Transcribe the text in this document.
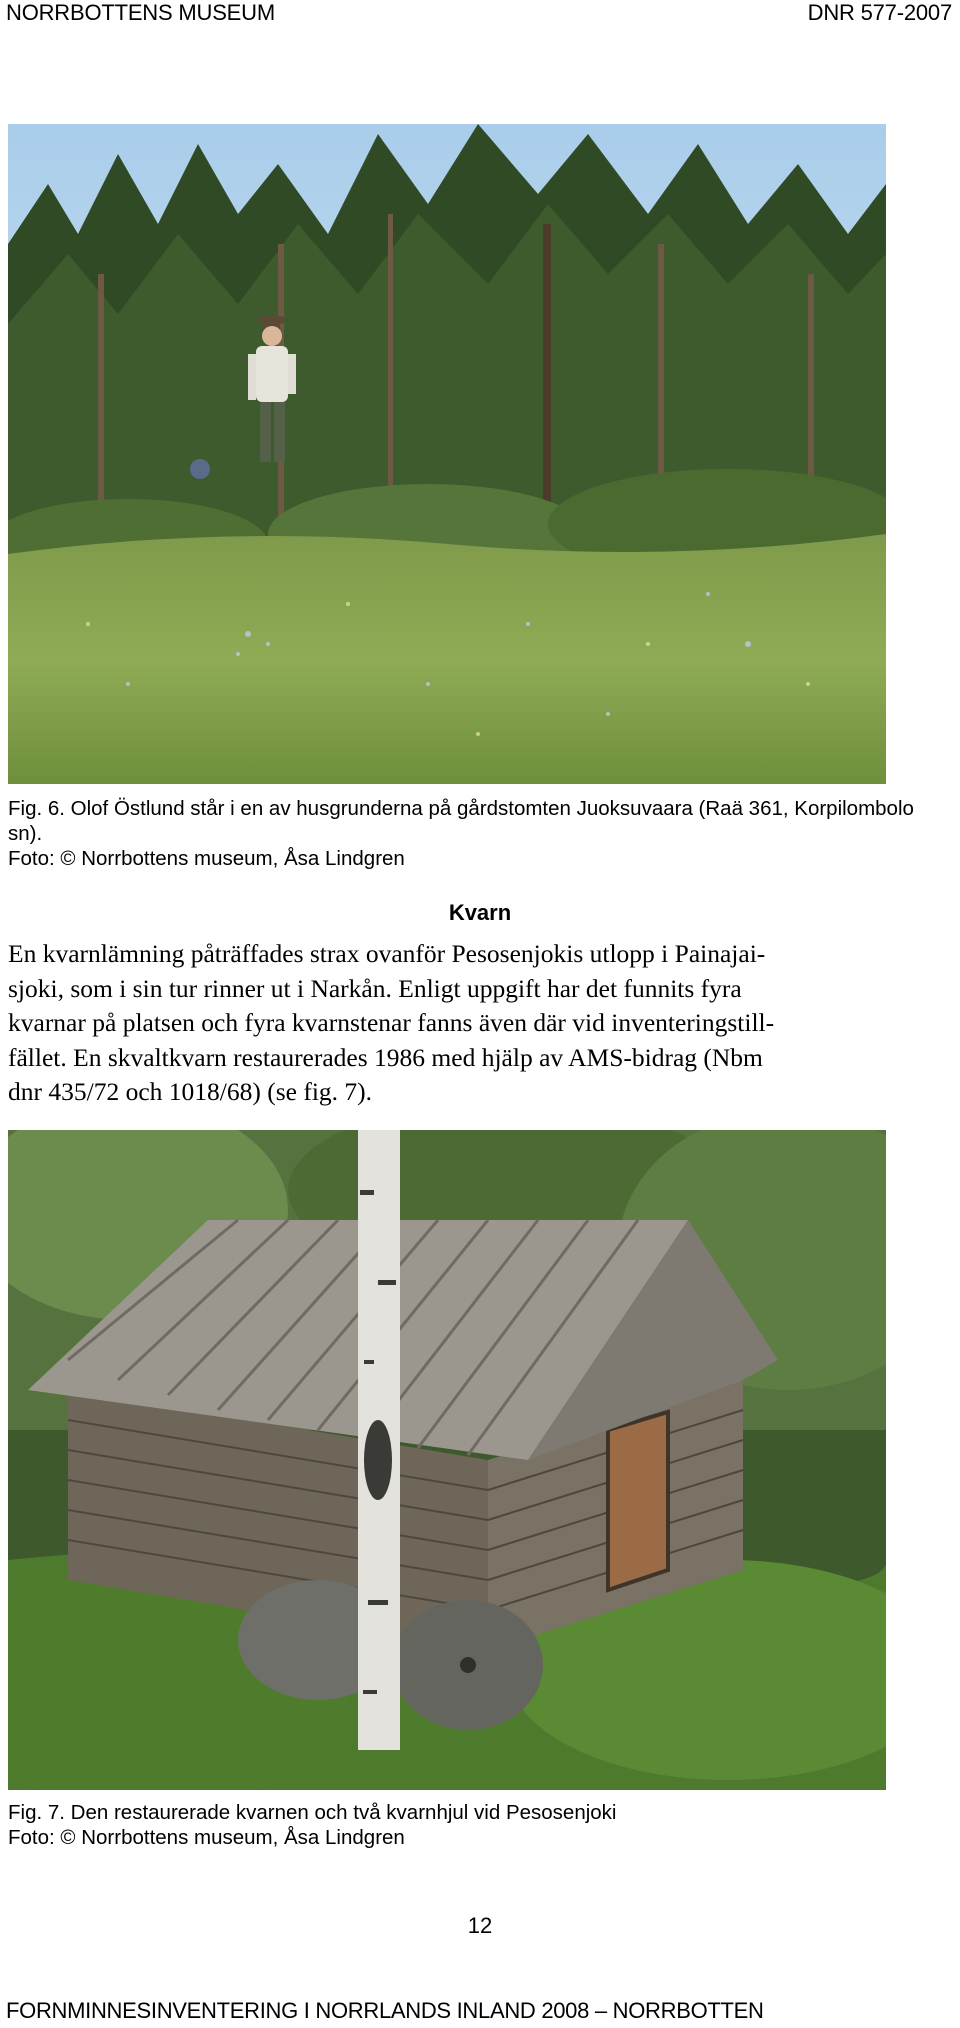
NORRBOTTENS MUSEUM	DNR 577-2007
Fig. 6. Olof Östlund står i en av husgrunderna på gårdstomten Juoksuvaara (Raä 361, Korpilombolo
sn).
Foto: © Norrbottens museum, Åsa Lindgren
Kvarn
En kvarnlämning påträffades strax ovanför Pesosenjokis utlopp i Painajai-
sjoki, som i sin tur rinner ut i Narkån. Enligt uppgift har det funnits fyra
kvarnar på platsen och fyra kvarnstenar fanns även där vid inventeringstill-
fället. En skvaltkvarn restaurerades 1986 med hjälp av AMS-bidrag (Nbm
dnr 435/72 och 1018/68) (se fig. 7).
Fig. 7. Den restaurerade kvarnen och två kvarnhjul vid Pesosenjoki
Foto: © Norrbottens museum, Åsa Lindgren
12
FORNMINNESINVENTERING I NORRLANDS INLAND 2008 – NORRBOTTEN
